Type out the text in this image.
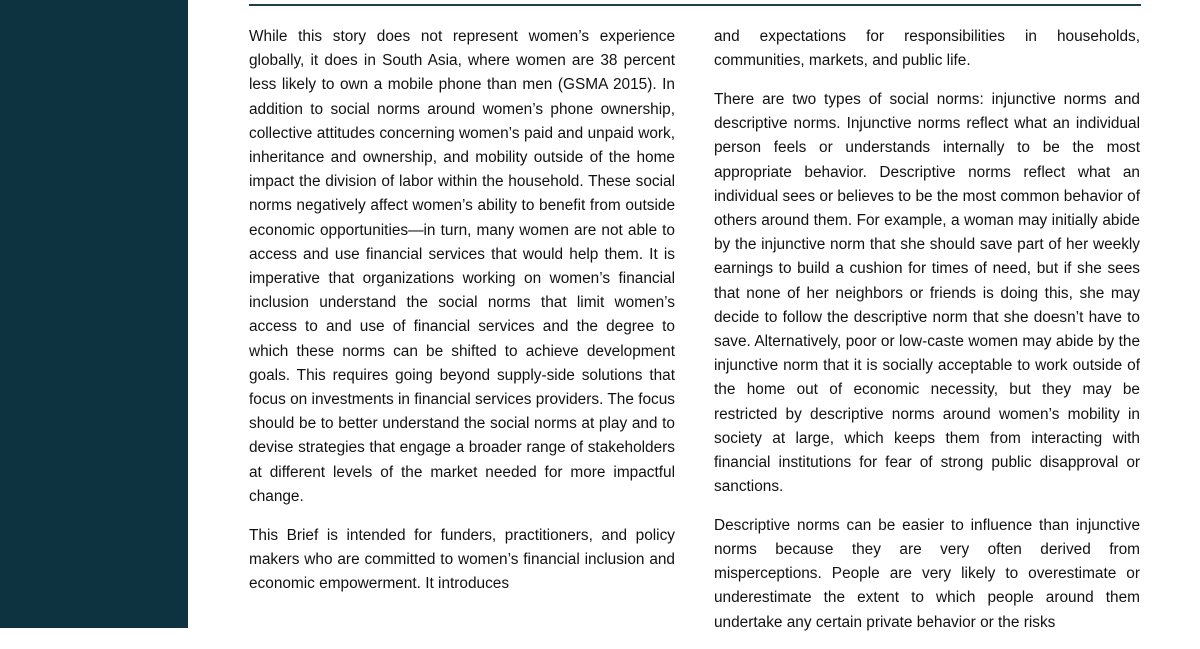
While this story does not represent women’s experience globally, it does in South Asia, where women are 38 percent less likely to own a mobile phone than men (GSMA 2015). In addition to social norms around women’s phone ownership, collective attitudes concerning women’s paid and unpaid work, inheritance and ownership, and mobility outside of the home impact the division of labor within the household. These social norms negatively affect women’s ability to benefit from outside economic opportunities—in turn, many women are not able to access and use financial services that would help them. It is imperative that organizations working on women’s financial inclusion understand the social norms that limit women’s access to and use of financial services and the degree to which these norms can be shifted to achieve development goals. This requires going beyond supply-side solutions that focus on investments in financial services providers. The focus should be to better understand the social norms at play and to devise strategies that engage a broader range of stakeholders at different levels of the market needed for more impactful change.

This Brief is intended for funders, practitioners, and policy makers who are committed to women’s financial inclusion and economic empowerment. It introduces

and expectations for responsibilities in households, communities, markets, and public life.

There are two types of social norms: injunctive norms and descriptive norms. Injunctive norms reflect what an individual person feels or understands internally to be the most appropriate behavior. Descriptive norms reflect what an individual sees or believes to be the most common behavior of others around them. For example, a woman may initially abide by the injunctive norm that she should save part of her weekly earnings to build a cushion for times of need, but if she sees that none of her neighbors or friends is doing this, she may decide to follow the descriptive norm that she doesn’t have to save. Alternatively, poor or low-caste women may abide by the injunctive norm that it is socially acceptable to work outside of the home out of economic necessity, but they may be restricted by descriptive norms around women’s mobility in society at large, which keeps them from interacting with financial institutions for fear of strong public disapproval or sanctions.

Descriptive norms can be easier to influence than injunctive norms because they are very often derived from misperceptions. People are very likely to overestimate or underestimate the extent to which people around them undertake any certain private behavior or the risks
